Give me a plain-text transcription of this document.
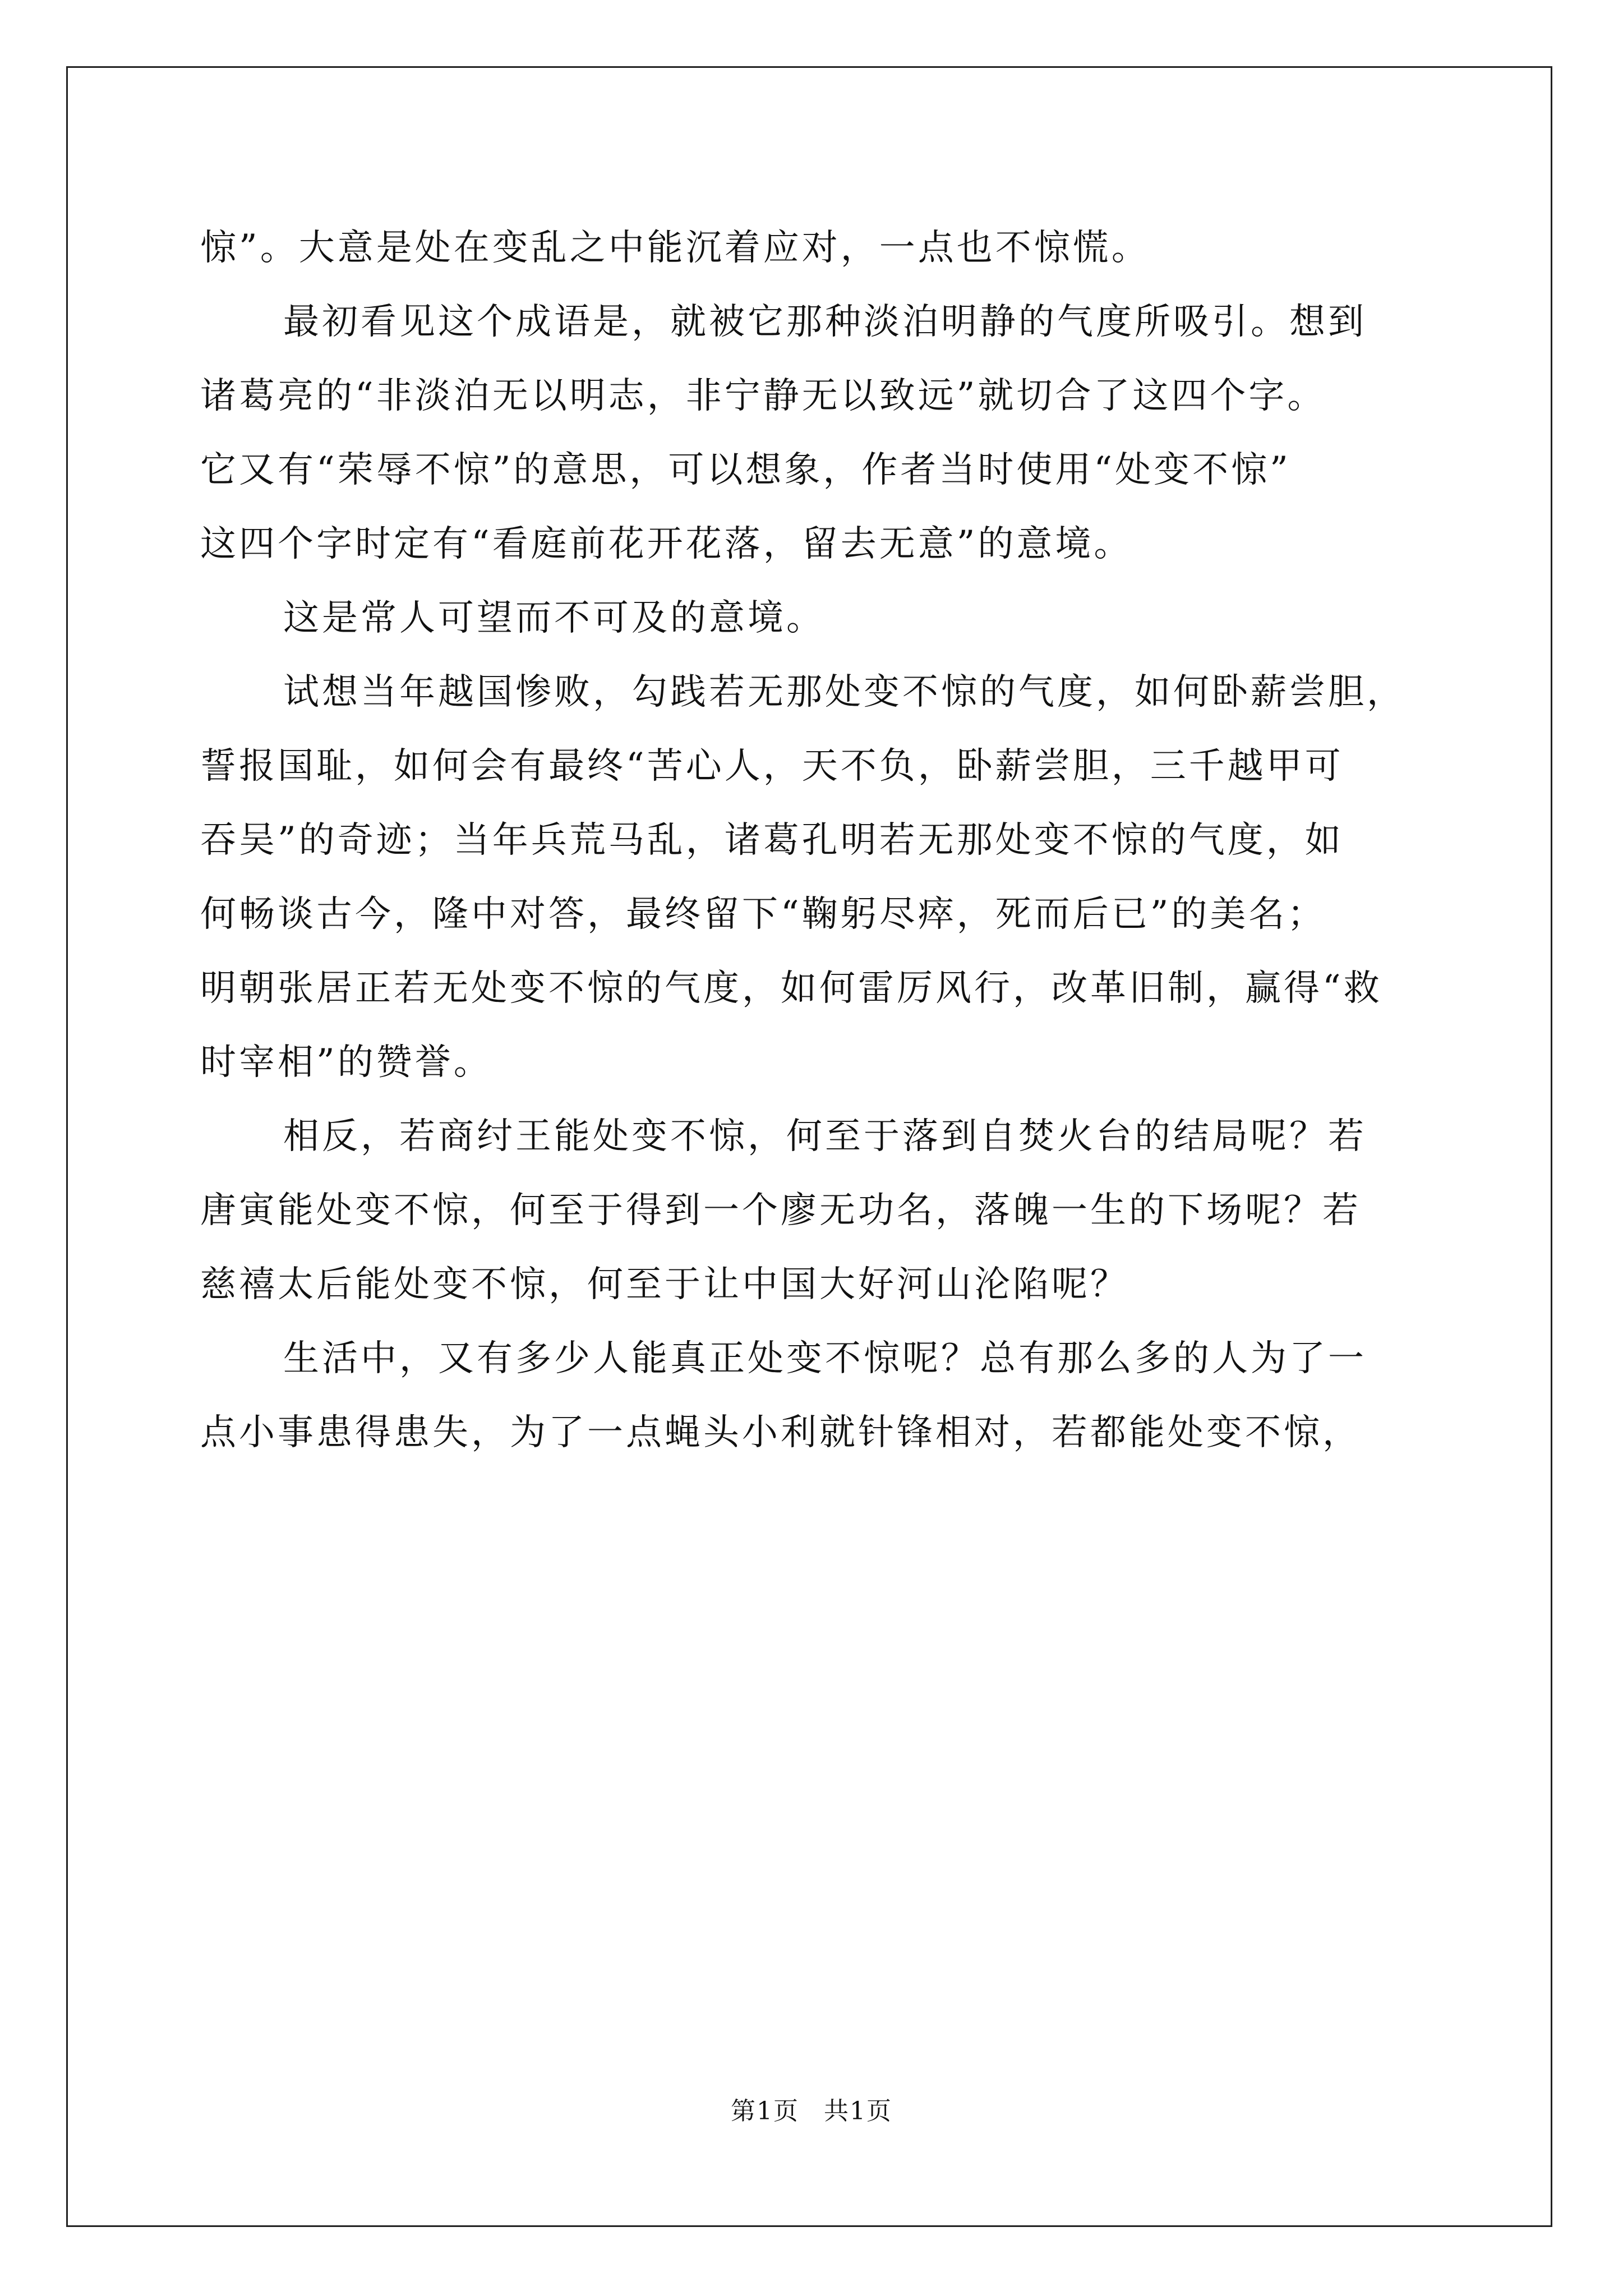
惊”。大意是处在变乱之中能沉着应对，一点也不惊慌。
最初看见这个成语是，就被它那种淡泊明静的气度所吸引。想到
诸葛亮的“非淡泊无以明志，非宁静无以致远”就切合了这四个字。
它又有“荣辱不惊”的意思，可以想象，作者当时使用“处变不惊”
这四个字时定有“看庭前花开花落，留去无意”的意境。
这是常人可望而不可及的意境。
试想当年越国惨败，勾践若无那处变不惊的气度，如何卧薪尝胆，
誓报国耻，如何会有最终“苦心人，天不负，卧薪尝胆，三千越甲可
吞吴”的奇迹；当年兵荒马乱，诸葛孔明若无那处变不惊的气度，如
何畅谈古今，隆中对答，最终留下“鞠躬尽瘁，死而后已”的美名；
明朝张居正若无处变不惊的气度，如何雷厉风行，改革旧制，赢得“救
时宰相”的赞誉。
相反，若商纣王能处变不惊，何至于落到自焚火台的结局呢？若
唐寅能处变不惊，何至于得到一个廖无功名，落魄一生的下场呢？若
慈禧太后能处变不惊，何至于让中国大好河山沦陷呢？
生活中，又有多少人能真正处变不惊呢？总有那么多的人为了一
点小事患得患失，为了一点蝇头小利就针锋相对，若都能处变不惊，
第1页 共1页
